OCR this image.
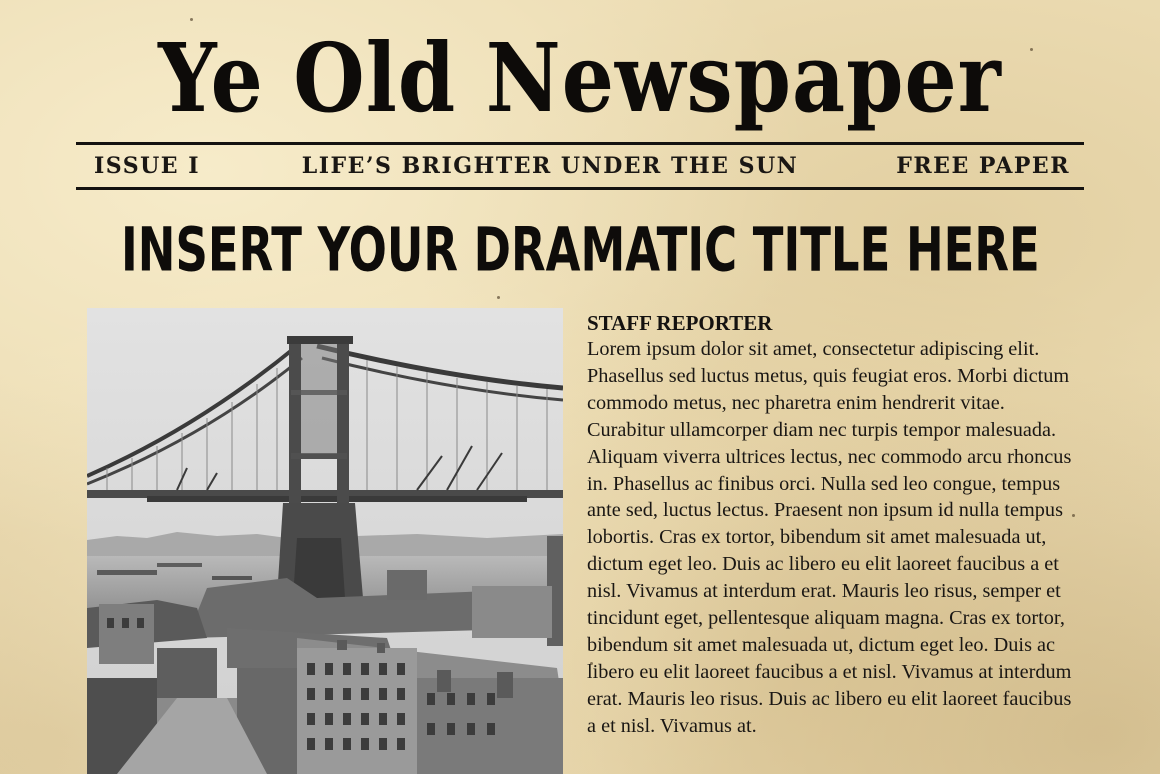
Ye Old Newspaper
ISSUE I	LIFE’S BRIGHTER UNDER THE SUN	FREE PAPER
INSERT YOUR DRAMATIC TITLE HERE
STAFF REPORTER

Lorem ipsum dolor sit amet, consectetur adipiscing elit. Phasellus sed luctus metus, quis feugiat eros. Morbi dictum commodo metus, nec pharetra enim hendrerit vitae. Curabitur ullamcorper diam nec turpis tempor malesuada. Aliquam viverra ultrices lectus, nec commodo arcu rhoncus in. Phasellus ac finibus orci. Nulla sed leo congue, tempus ante sed, luctus lectus. Praesent non ipsum id nulla tempus lobortis. Cras ex tortor, bibendum sit amet malesuada ut, dictum eget leo. Duis ac libero eu elit laoreet faucibus a et nisl. Vivamus at interdum erat. Mauris leo risus, semper et tincidunt eget, pellentesque aliquam magna. Cras ex tortor, bibendum sit amet malesuada ut, dictum eget leo. Duis ac libero eu elit laoreet faucibus a et nisl. Vivamus at interdum erat. Mauris leo risus. Duis ac libero eu elit laoreet faucibus a et nisl. Vivamus at.
